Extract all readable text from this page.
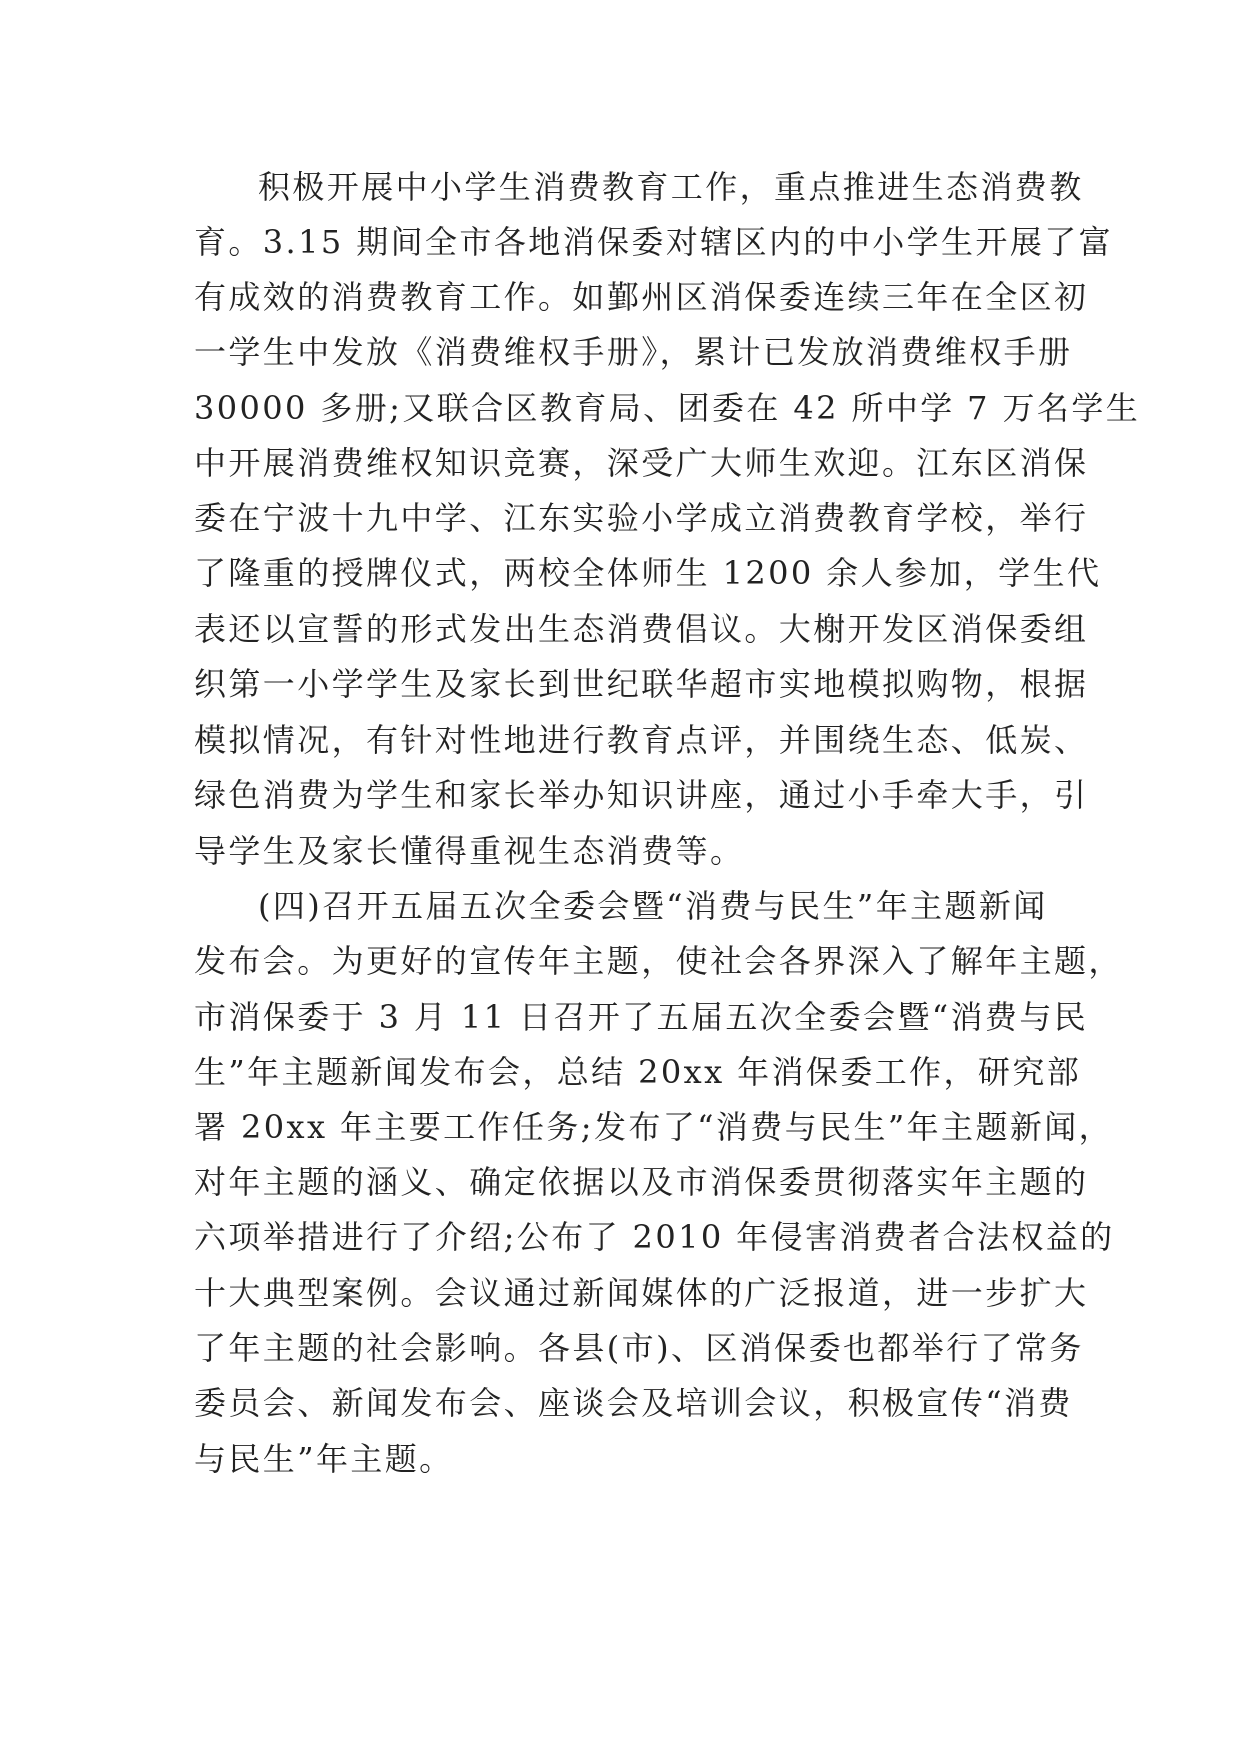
积极开展中小学生消费教育工作，重点推进生态消费教
育。3.15 期间全市各地消保委对辖区内的中小学生开展了富
有成效的消费教育工作。如鄞州区消保委连续三年在全区初
一学生中发放《消费维权手册》，累计已发放消费维权手册
30000 多册;又联合区教育局、团委在 42 所中学 7 万名学生
中开展消费维权知识竞赛，深受广大师生欢迎。江东区消保
委在宁波十九中学、江东实验小学成立消费教育学校，举行
了隆重的授牌仪式，两校全体师生 1200 余人参加，学生代
表还以宣誓的形式发出生态消费倡议。大榭开发区消保委组
织第一小学学生及家长到世纪联华超市实地模拟购物，根据
模拟情况，有针对性地进行教育点评，并围绕生态、低炭、
绿色消费为学生和家长举办知识讲座，通过小手牵大手，引
导学生及家长懂得重视生态消费等。
(四)召开五届五次全委会暨“消费与民生”年主题新闻
发布会。为更好的宣传年主题，使社会各界深入了解年主题，
市消保委于 3 月 11 日召开了五届五次全委会暨“消费与民
生”年主题新闻发布会，总结 20xx 年消保委工作，研究部
署 20xx 年主要工作任务;发布了“消费与民生”年主题新闻，
对年主题的涵义、确定依据以及市消保委贯彻落实年主题的
六项举措进行了介绍;公布了 2010 年侵害消费者合法权益的
十大典型案例。会议通过新闻媒体的广泛报道，进一步扩大
了年主题的社会影响。各县(市)、区消保委也都举行了常务
委员会、新闻发布会、座谈会及培训会议，积极宣传“消费
与民生”年主题。
